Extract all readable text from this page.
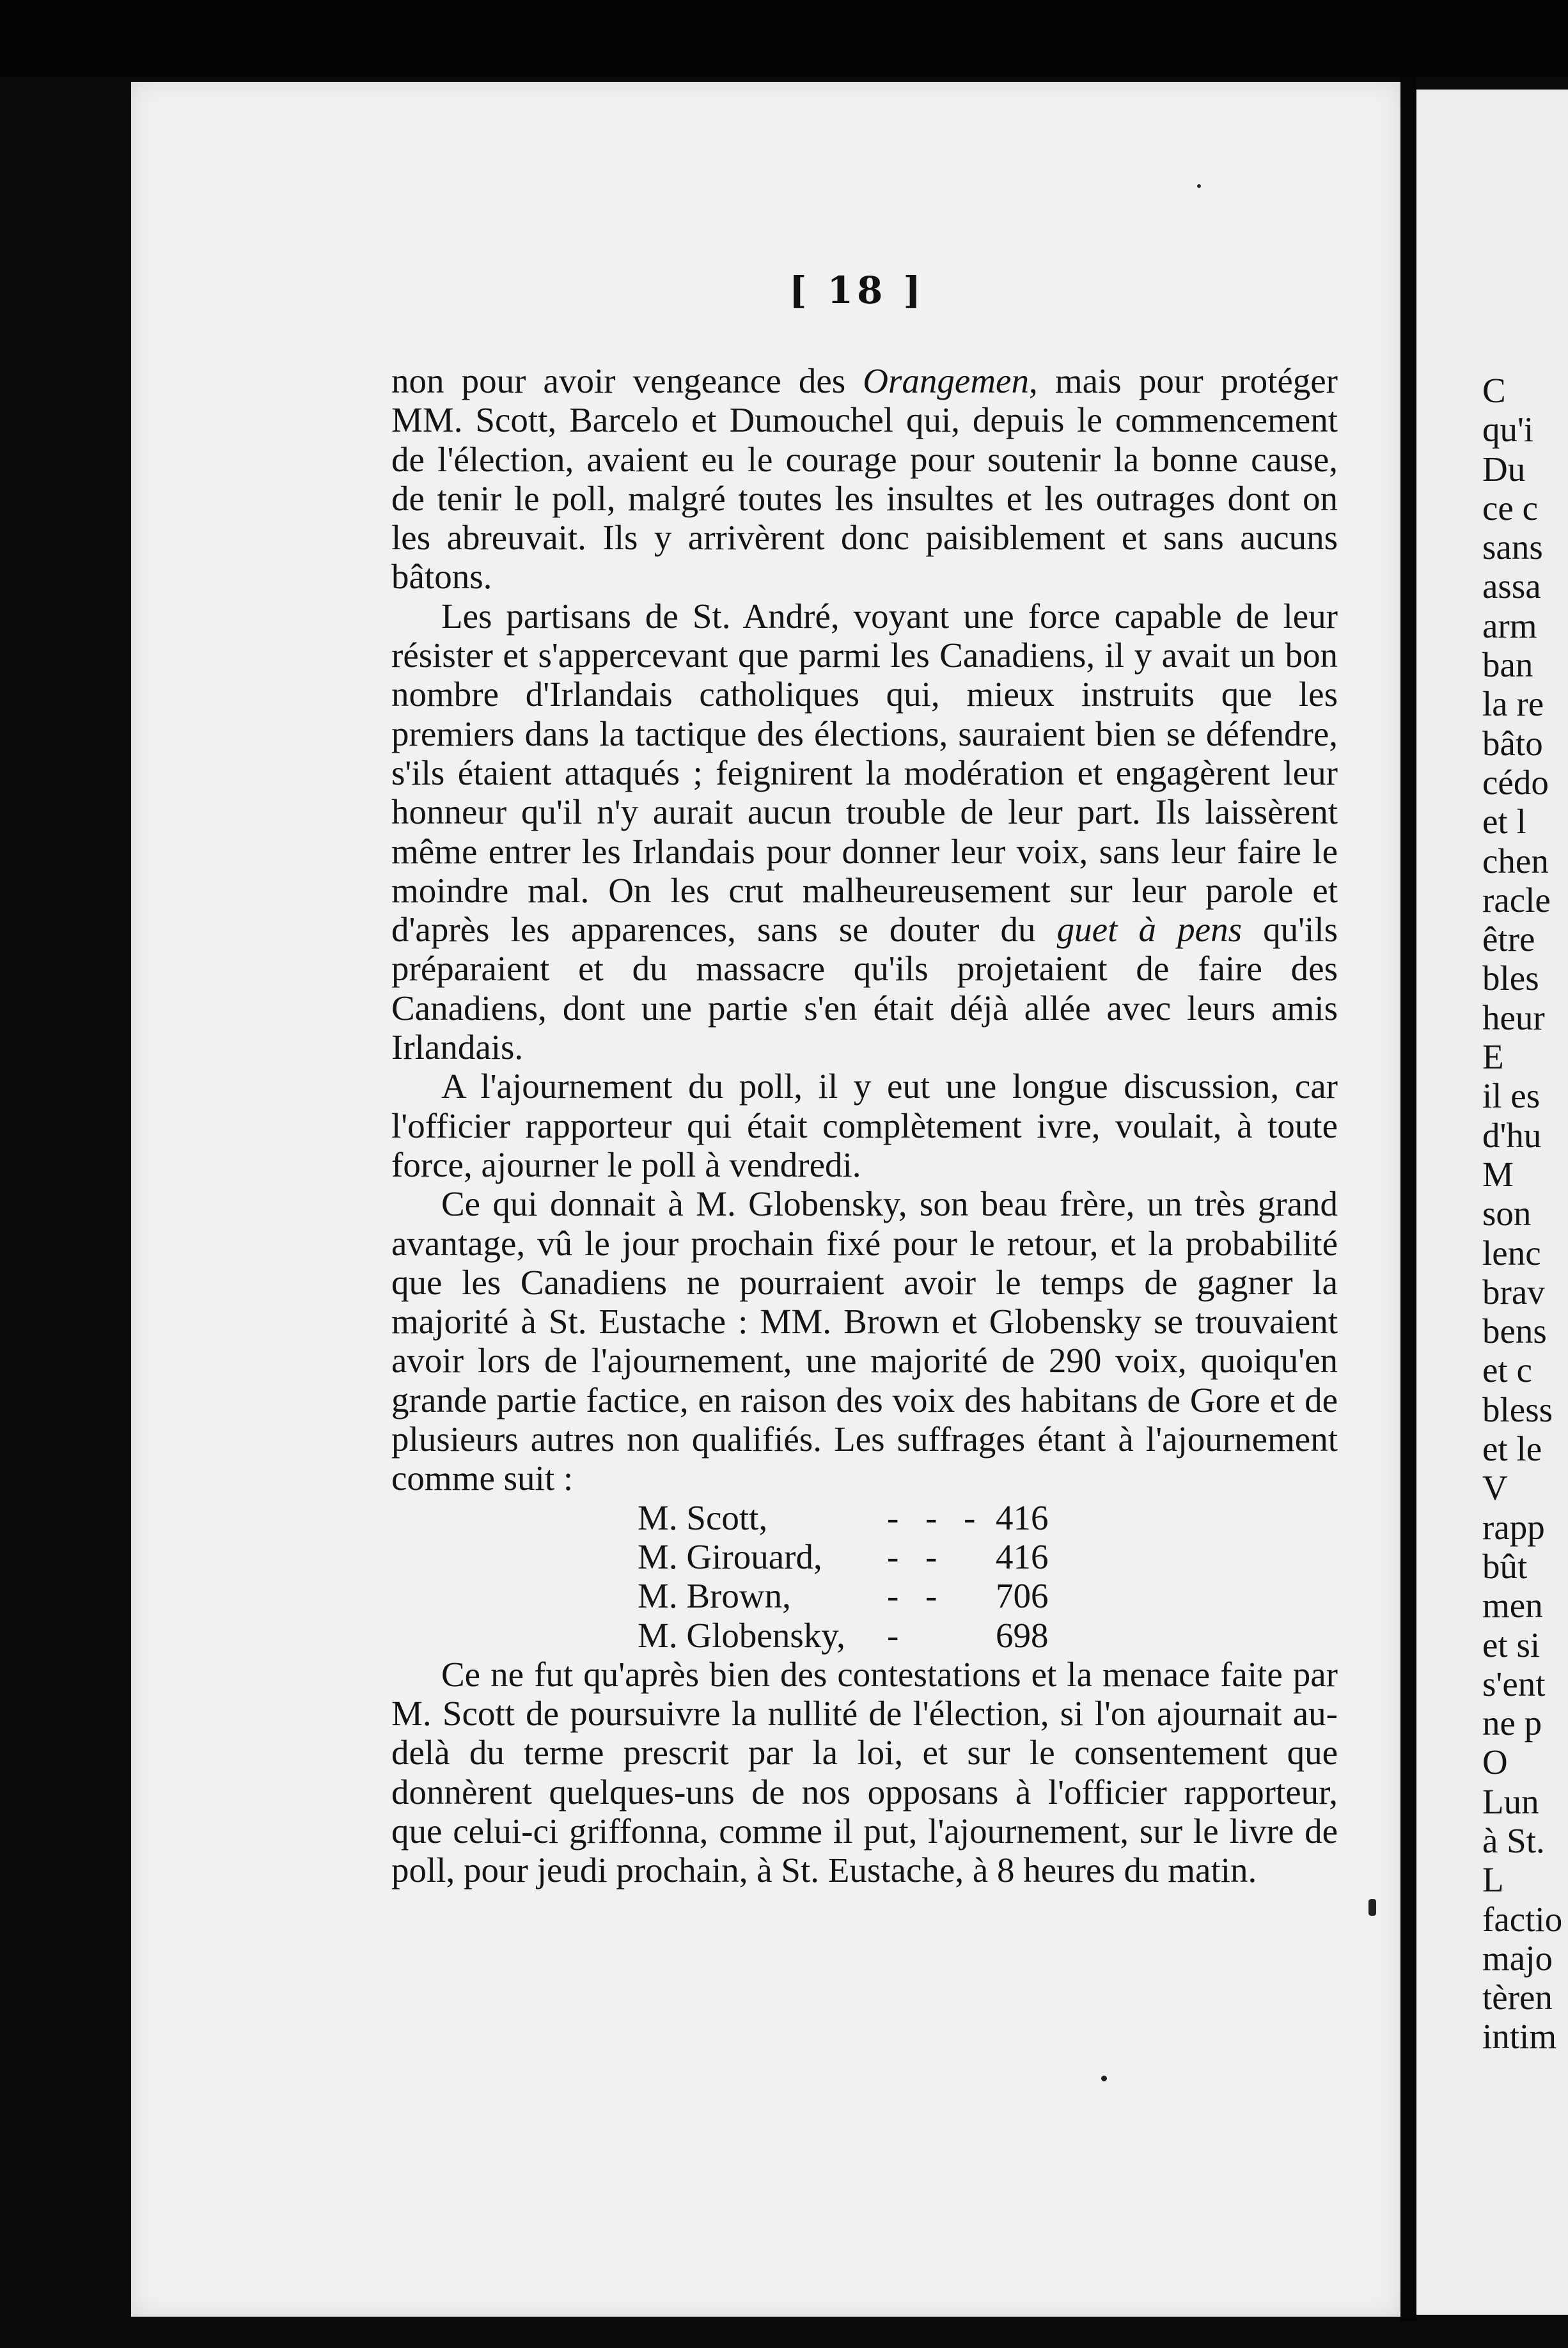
[ 18 ]

non pour avoir vengeance des Orangemen, mais pour protéger MM. Scott, Barcelo et Dumouchel qui, depuis le commencement de l'élection, avaient eu le courage pour soutenir la bonne cause, de tenir le poll, malgré toutes les insultes et les outrages dont on les abreuvait. Ils y arrivèrent donc paisiblement et sans aucuns bâtons.

Les partisans de St. André, voyant une force capable de leur résister et s'appercevant que parmi les Canadiens, il y avait un bon nombre d'Irlandais catholiques qui, mieux instruits que les premiers dans la tactique des élections, sauraient bien se défendre, s'ils étaient attaqués ; feignirent la modération et engagèrent leur honneur qu'il n'y aurait aucun trouble de leur part. Ils laissèrent même entrer les Irlandais pour donner leur voix, sans leur faire le moindre mal. On les crut malheureusement sur leur parole et d'après les apparences, sans se douter du guet à pens qu'ils préparaient et du massacre qu'ils projetaient de faire des Canadiens, dont une partie s'en était déjà allée avec leurs amis Irlandais.

A l'ajournement du poll, il y eut une longue discussion, car l'officier rapporteur qui était complètement ivre, voulait, à toute force, ajourner le poll à vendredi.

Ce qui donnait à M. Globensky, son beau frère, un très grand avantage, vû le jour prochain fixé pour le retour, et la probabilité que les Canadiens ne pourraient avoir le temps de gagner la majorité à St. Eustache : MM. Brown et Globensky se trouvaient avoir lors de l'ajournement, une majorité de 290 voix, quoiqu'en grande partie factice, en raison des voix des habitans de Gore et de plusieurs autres non qualifiés. Les suffrages étant à l'ajournement comme suit :

M. Scott,	- - - 416
M. Girouard,	- -	416
M. Brown,	- -	706
M. Globensky,	-	698

Ce ne fut qu'après bien des contestations et la menace faite par M. Scott de poursuivre la nullité de l'élection, si l'on ajournait au-delà du terme prescrit par la loi, et sur le consentement que donnèrent quelques-uns de nos opposans à l'officier rapporteur, que celui-ci griffonna, comme il put, l'ajournement, sur le livre de poll, pour jeudi prochain, à St. Eustache, à 8 heures du matin.

C
qu'i
Du
ce c
sans
assa
arm
ban
la re
bâto
cédo
et l
chen
racle
être
bles
heur
E
il es
d'hu
M
son
lenc
brav
bens
et c
bless
et le
V
rapp
bût
men
et si
s'ent
ne p
O
Lun
à St.
L
factio
majo
tèren
intim
